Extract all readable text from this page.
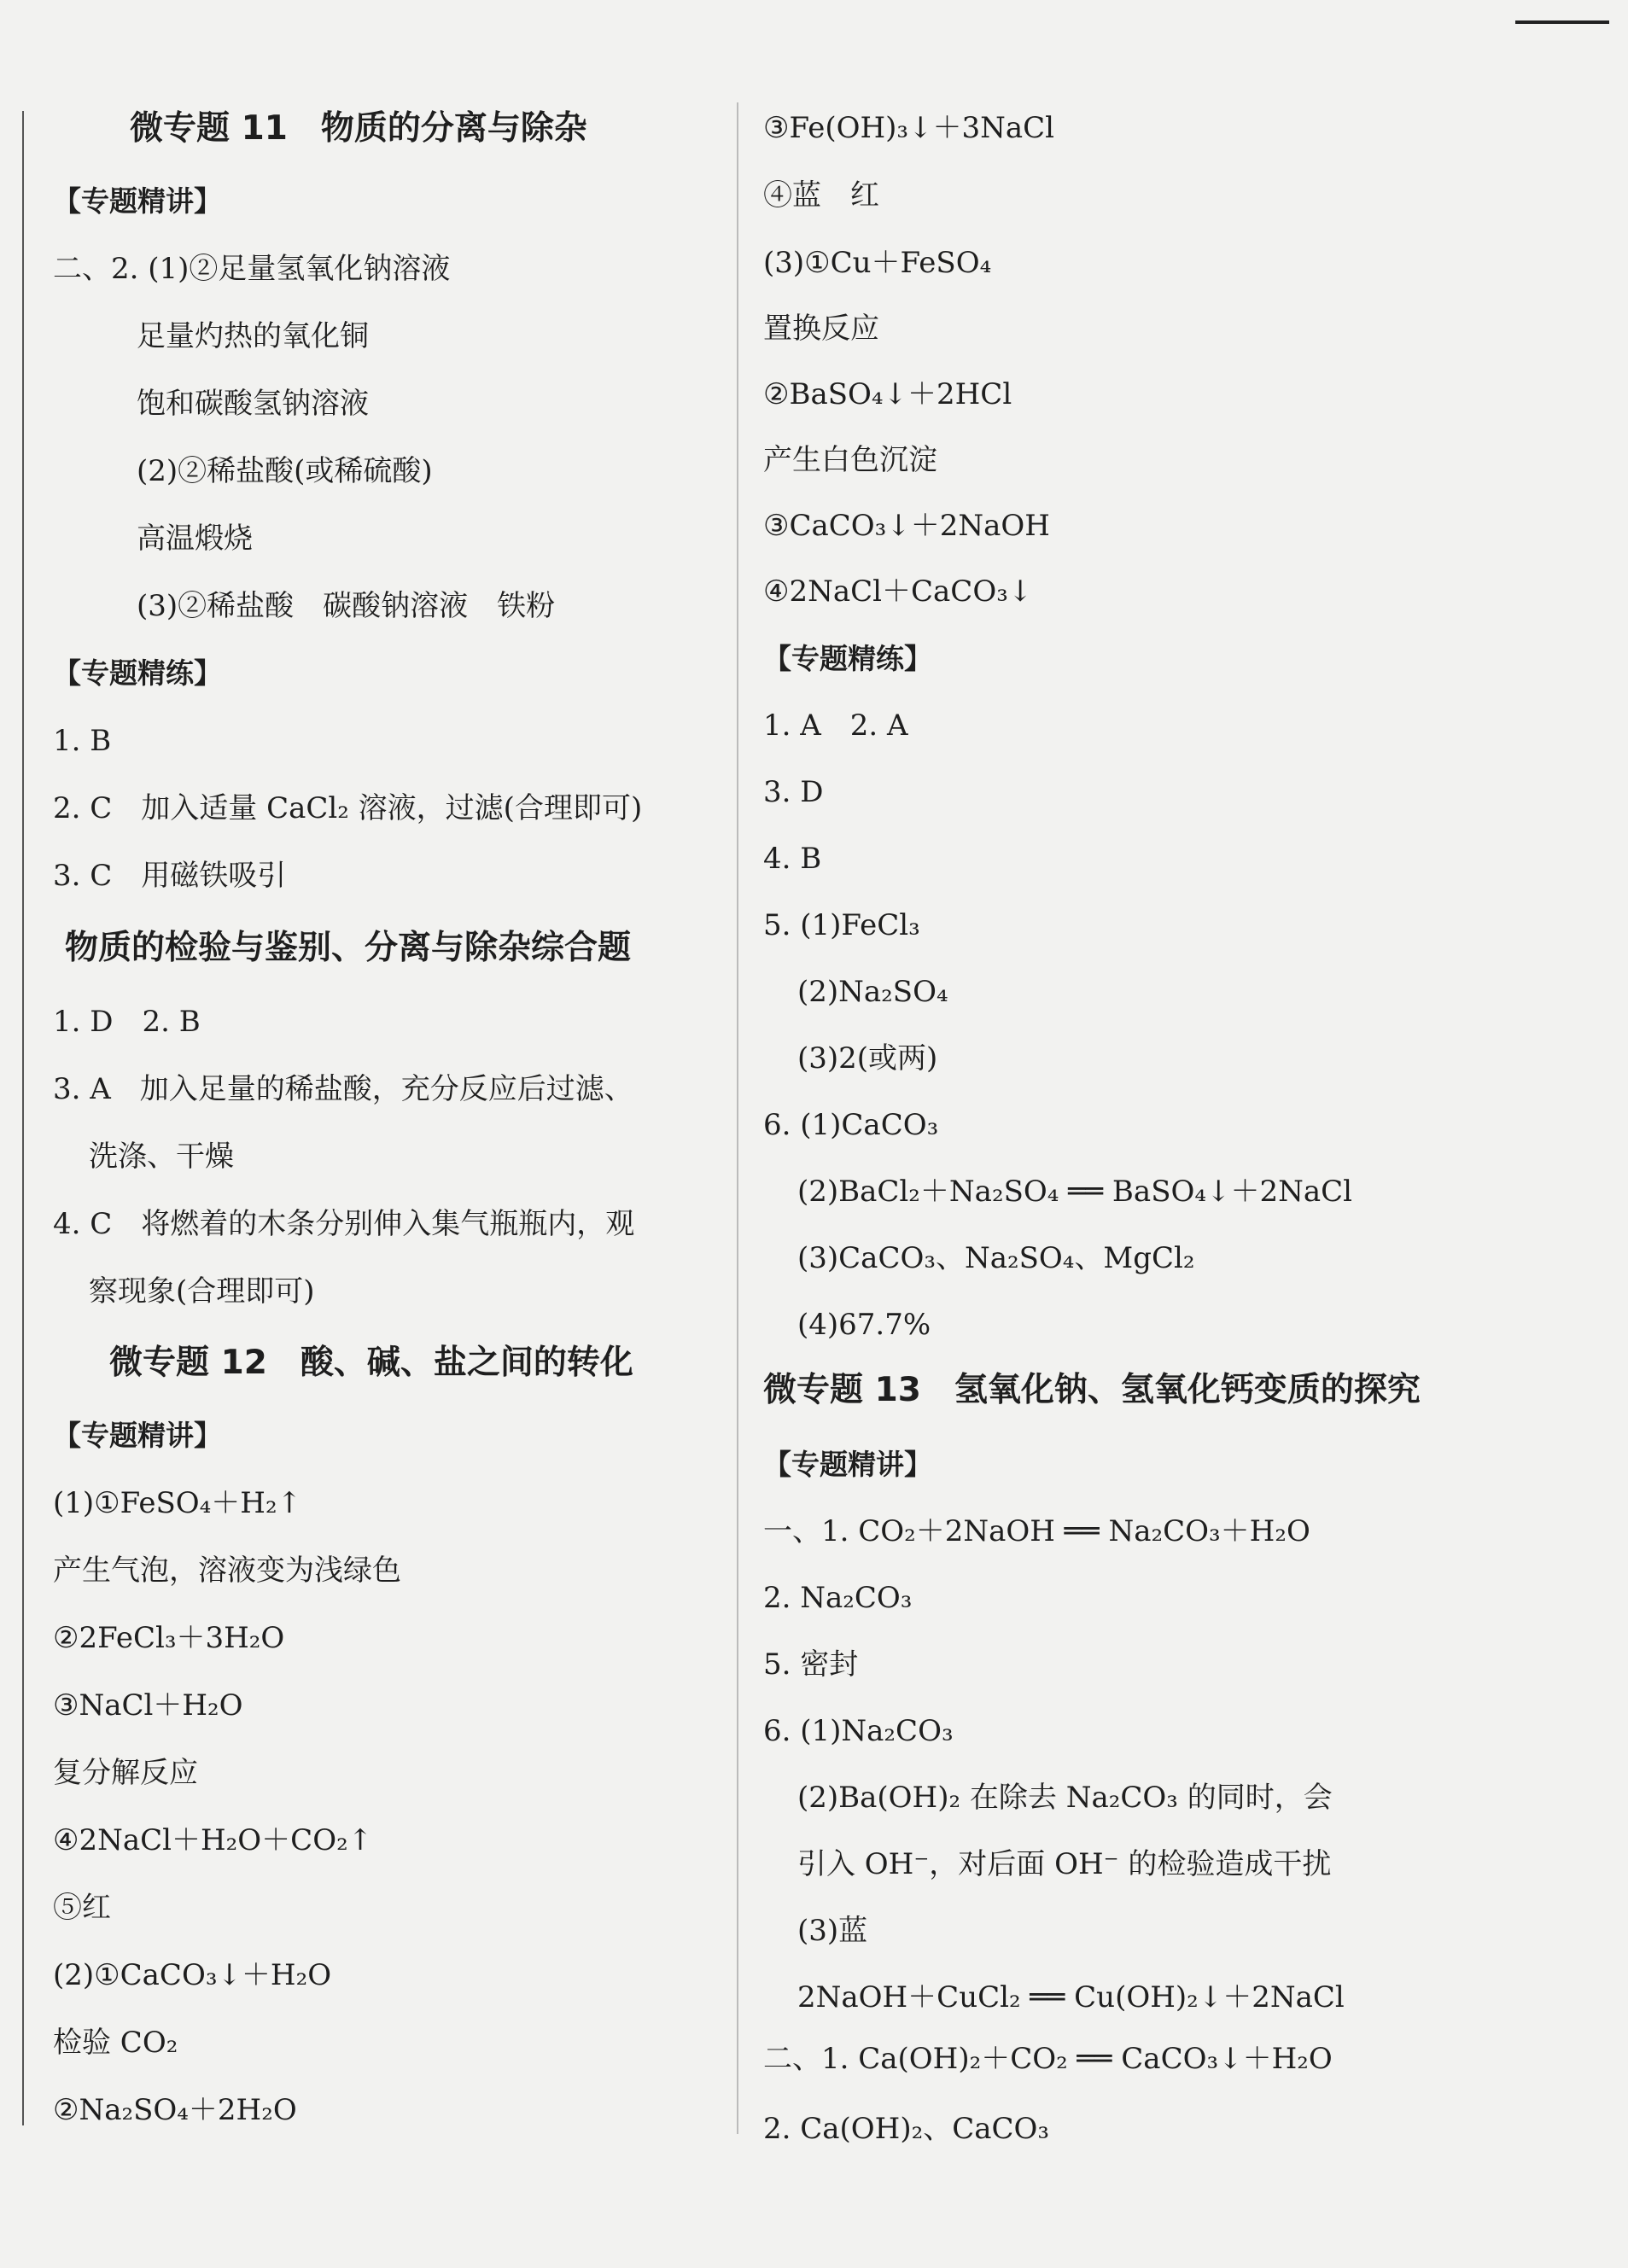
微专题 11　物质的分离与除杂
【专题精讲】
二、2. (1)②足量氢氧化钠溶液
足量灼热的氧化铜
饱和碳酸氢钠溶液
(2)②稀盐酸(或稀硫酸)
高温煅烧
(3)②稀盐酸　碳酸钠溶液　铁粉
【专题精练】
1. B
2. C　加入适量 CaCl₂ 溶液，过滤(合理即可)
3. C　用磁铁吸引
物质的检验与鉴别、分离与除杂综合题
1. D　2. B
3. A　加入足量的稀盐酸，充分反应后过滤、
洗涤、干燥
4. C　将燃着的木条分别伸入集气瓶瓶内，观
察现象(合理即可)
微专题 12　酸、碱、盐之间的转化
【专题精讲】
(1)①FeSO₄＋H₂↑
产生气泡，溶液变为浅绿色
②2FeCl₃＋3H₂O
③NaCl＋H₂O
复分解反应
④2NaCl＋H₂O＋CO₂↑
⑤红
(2)①CaCO₃↓＋H₂O
检验 CO₂
②Na₂SO₄＋2H₂O
③Fe(OH)₃↓＋3NaCl
④蓝　红
(3)①Cu＋FeSO₄
置换反应
②BaSO₄↓＋2HCl
产生白色沉淀
③CaCO₃↓＋2NaOH
④2NaCl＋CaCO₃↓
【专题精练】
1. A　2. A
3. D
4. B
5. (1)FeCl₃
(2)Na₂SO₄
(3)2(或两)
6. (1)CaCO₃
(2)BaCl₂＋Na₂SO₄ ══ BaSO₄↓＋2NaCl
(3)CaCO₃、Na₂SO₄、MgCl₂
(4)67.7%
微专题 13　氢氧化钠、氢氧化钙变质的探究
【专题精讲】
一、1. CO₂＋2NaOH ══ Na₂CO₃＋H₂O
2. Na₂CO₃
5. 密封
6. (1)Na₂CO₃
(2)Ba(OH)₂ 在除去 Na₂CO₃ 的同时，会
引入 OH⁻，对后面 OH⁻ 的检验造成干扰
(3)蓝
2NaOH＋CuCl₂ ══ Cu(OH)₂↓＋2NaCl
二、1. Ca(OH)₂＋CO₂ ══ CaCO₃↓＋H₂O
2. Ca(OH)₂、CaCO₃
